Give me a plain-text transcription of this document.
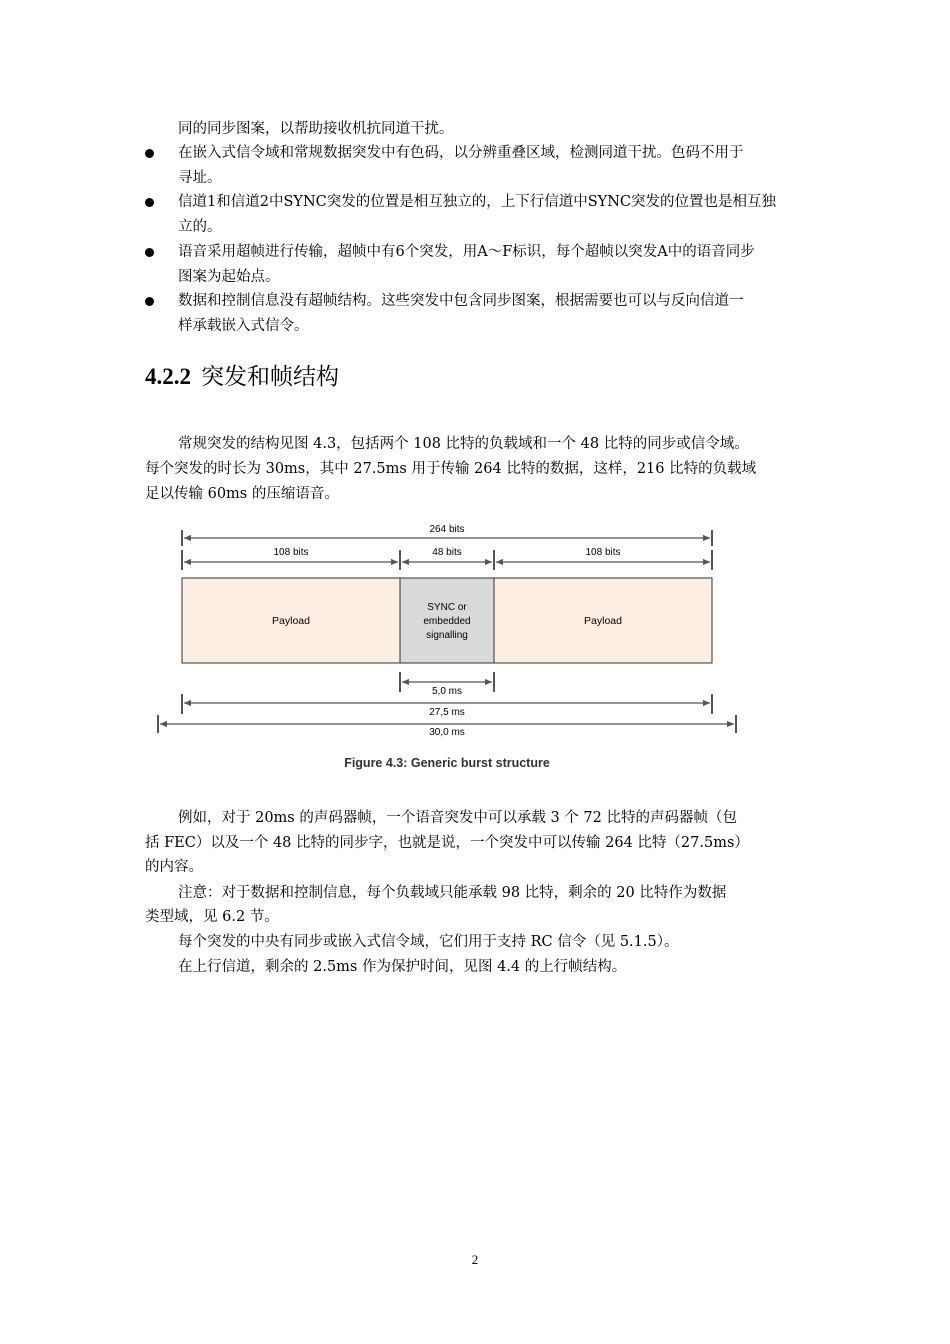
同的同步图案，以帮助接收机抗同道干扰。
在嵌入式信令域和常规数据突发中有色码，以分辨重叠区域，检测同道干扰。色码不用于
寻址。
信道1和信道2中SYNC突发的位置是相互独立的，上下行信道中SYNC突发的位置也是相互独
立的。
语音采用超帧进行传输，超帧中有6个突发，用A～F标识，每个超帧以突发A中的语音同步
图案为起始点。
数据和控制信息没有超帧结构。这些突发中包含同步图案，根据需要也可以与反向信道一
样承载嵌入式信令。
4.2.2 突发和帧结构
常规突发的结构见图 4.3，包括两个 108 比特的负载域和一个 48 比特的同步或信令域。
每个突发的时长为 30ms，其中 27.5ms 用于传输 264 比特的数据，这样，216 比特的负载域
足以传输 60ms 的压缩语音。
264 bits
108 bits	48 bits	108 bits
Payload
SYNC or
embedded
signalling
Payload
5,0 ms
27,5 ms
30,0 ms
Figure 4.3: Generic burst structure
例如，对于 20ms 的声码器帧，一个语音突发中可以承载 3 个 72 比特的声码器帧（包
括 FEC）以及一个 48 比特的同步字，也就是说，一个突发中可以传输 264 比特（27.5ms）
的内容。
注意：对于数据和控制信息，每个负载域只能承载 98 比特，剩余的 20 比特作为数据
类型域，见 6.2 节。
每个突发的中央有同步或嵌入式信令域，它们用于支持 RC 信令（见 5.1.5）。
在上行信道，剩余的 2.5ms 作为保护时间，见图 4.4 的上行帧结构。
2
